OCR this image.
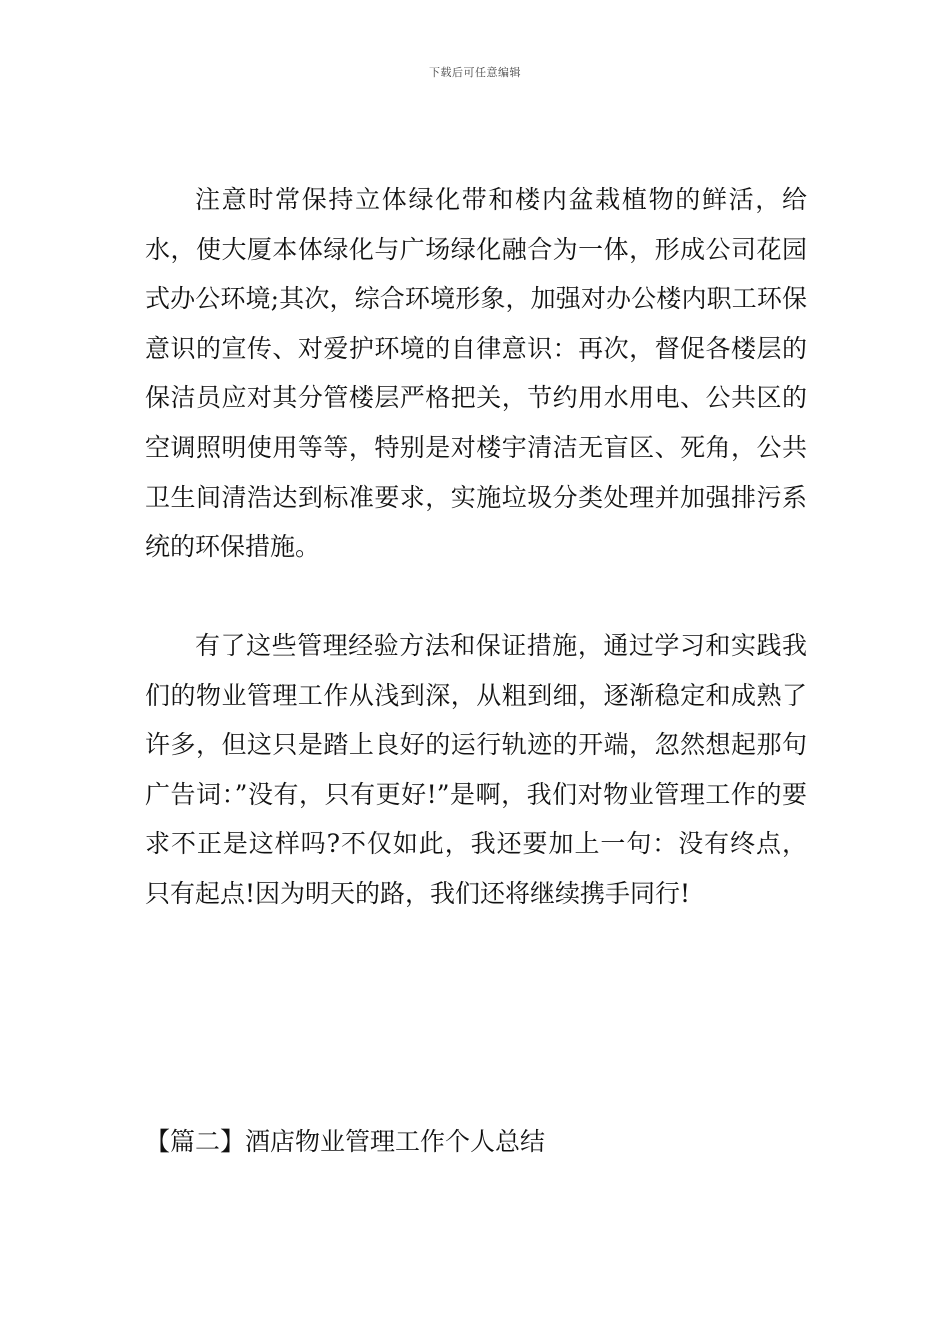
下载后可任意编辑

注意时常保持立体绿化带和楼内盆栽植物的鲜活，给水，使大厦本体绿化与广场绿化融合为一体，形成公司花园式办公环境;其次，综合环境形象，加强对办公楼内职工环保意识的宣传、对爱护环境的自律意识：再次，督促各楼层的保洁员应对其分管楼层严格把关，节约用水用电、公共区的空调照明使用等等，特别是对楼宇清洁无盲区、死角，公共卫生间清浩达到标准要求，实施垃圾分类处理并加强排污系统的环保措施。

有了这些管理经验方法和保证措施，通过学习和实践我们的物业管理工作从浅到深，从粗到细，逐渐稳定和成熟了许多，但这只是踏上良好的运行轨迹的开端，忽然想起那句广告词：”没有，只有更好!”是啊，我们对物业管理工作的要求不正是这样吗?不仅如此，我还要加上一句：没有终点，只有起点!因为明天的路，我们还将继续携手同行!

【篇二】酒店物业管理工作个人总结
